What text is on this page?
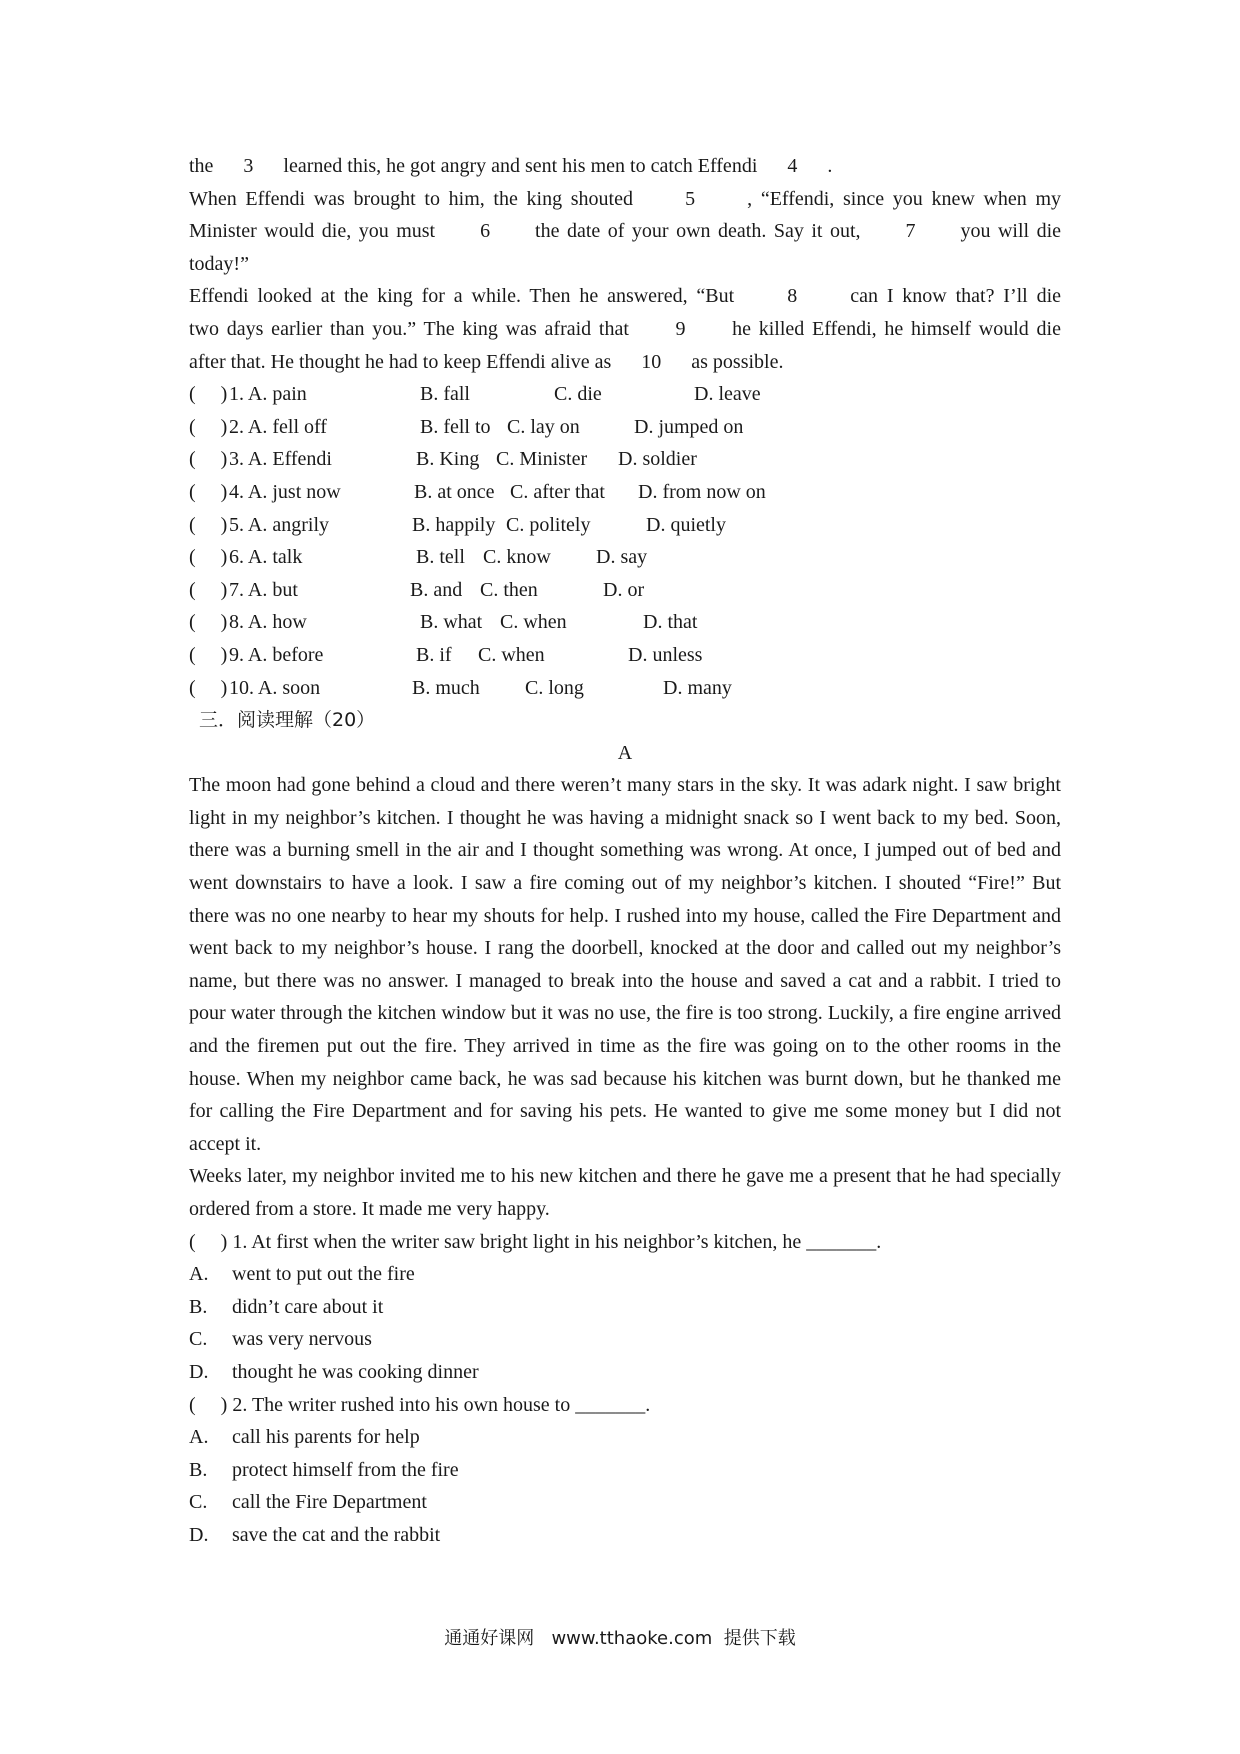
the      3      learned this, he got angry and sent his men to catch Effendi      4      .
When Effendi was brought to him, the king shouted      5      , “Effendi, since you knew when my
Minister would die, you must      6      the date of your own death. Say it out,      7      you will die
today!”
Effendi looked at the king for a while. Then he answered, “But      8      can I know that? I’ll die
two days earlier than you.” The king was afraid that      9      he killed Effendi, he himself would die
after that. He thought he had to keep Effendi alive as      10      as possible.
(     ) 1. A. pain	B. fall	C. die	D. leave
(     ) 2. A. fell off	B. fell to C. lay on	D. jumped on
(     ) 3. A. Effendi	B. King C. Minister	D. soldier
(     ) 4. A. just now	B. at once C. after that	D. from now on
(     ) 5. A. angrily	B. happily C. politely	D. quietly
(     ) 6. A. talk	B. tell C. know	D. say
(     ) 7. A. but	B. and C. then	D. or
(     ) 8. A. how	B. what C. when	D. that
(     ) 9. A. before	B. if	C. when	D. unless
(     ) 10. A. soon	B. much	C. long	D. many
三．阅读理解（20）
A
The moon had gone behind a cloud and there weren’t many stars in the sky. It was adark night. I saw bright light in my neighbor’s kitchen. I thought he was having a midnight snack so I went back to my bed. Soon, there was a burning smell in the air and I thought something was wrong. At once, I jumped out of bed and went downstairs to have a look. I saw a fire coming out of my neighbor’s kitchen. I shouted “Fire!” But there was no one nearby to hear my shouts for help. I rushed into my house, called the Fire Department and went back to my neighbor’s house. I rang the doorbell, knocked at the door and called out my neighbor’s name, but there was no answer. I managed to break into the house and saved a cat and a rabbit. I tried to pour water through the kitchen window but it was no use, the fire is too strong. Luckily, a fire engine arrived and the firemen put out the fire. They arrived in time as the fire was going on to the other rooms in the house. When my neighbor came back, he was sad because his kitchen was burnt down, but he thanked me for calling the Fire Department and for saving his pets. He wanted to give me some money but I did not accept it.
Weeks later, my neighbor invited me to his new kitchen and there he gave me a present that he had specially ordered from a store. It made me very happy.
(     ) 1. At first when the writer saw bright light in his neighbor’s kitchen, he _______.
A.	went to put out the fire
B.	didn’t care about it
C.	was very nervous
D.	thought he was cooking dinner
(     ) 2. The writer rushed into his own house to _______.
A.	call his parents for help
B.	protect himself from the fire
C.	call the Fire Department
D.	save the cat and the rabbit
通通好课网   www.tthaoke.com  提供下载
